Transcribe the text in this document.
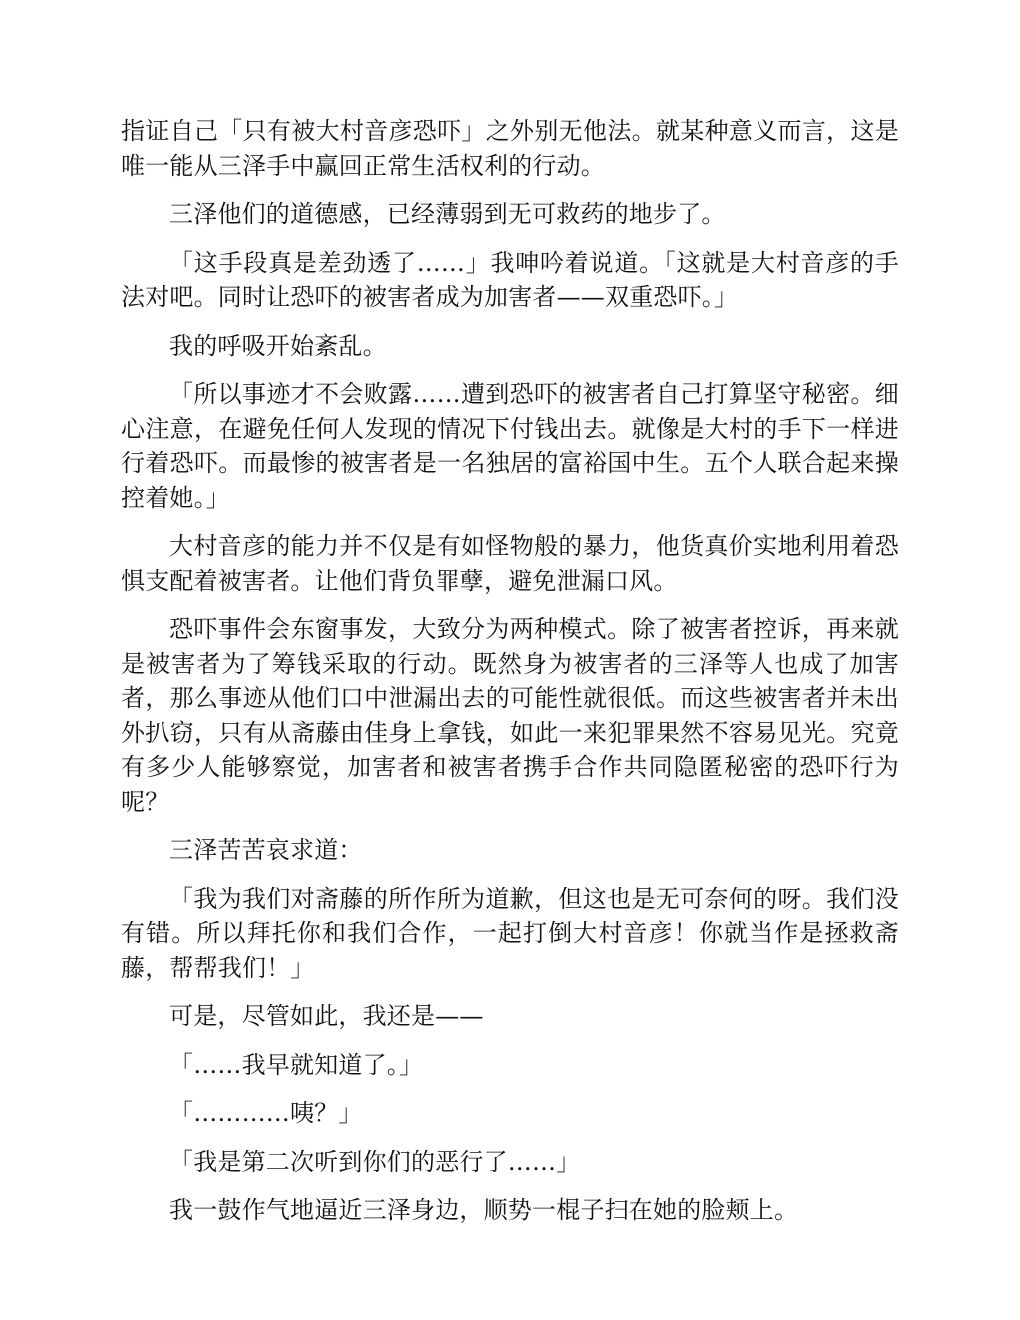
指证自己「只有被大村音彦恐吓」之外别无他法。就某种意义而言，这是唯一能从三泽手中赢回正常生活权利的行动。

三泽他们的道德感，已经薄弱到无可救药的地步了。

「这手段真是差劲透了……」我呻吟着说道。「这就是大村音彦的手法对吧。同时让恐吓的被害者成为加害者——双重恐吓。」

我的呼吸开始紊乱。

「所以事迹才不会败露……遭到恐吓的被害者自己打算坚守秘密。细心注意，在避免任何人发现的情况下付钱出去。就像是大村的手下一样进行着恐吓。而最惨的被害者是一名独居的富裕国中生。五个人联合起来操控着她。」

大村音彦的能力并不仅是有如怪物般的暴力，他货真价实地利用着恐惧支配着被害者。让他们背负罪孽，避免泄漏口风。

恐吓事件会东窗事发，大致分为两种模式。除了被害者控诉，再来就是被害者为了筹钱采取的行动。既然身为被害者的三泽等人也成了加害者，那么事迹从他们口中泄漏出去的可能性就很低。而这些被害者并未出外扒窃，只有从斋藤由佳身上拿钱，如此一来犯罪果然不容易见光。究竟有多少人能够察觉，加害者和被害者携手合作共同隐匿秘密的恐吓行为呢？

三泽苦苦哀求道：

「我为我们对斋藤的所作所为道歉，但这也是无可奈何的呀。我们没有错。所以拜托你和我们合作，一起打倒大村音彦！你就当作是拯救斋藤，帮帮我们！」

可是，尽管如此，我还是——

「……我早就知道了。」

「…………咦？」

「我是第二次听到你们的恶行了……」

我一鼓作气地逼近三泽身边，顺势一棍子扫在她的脸颊上。
